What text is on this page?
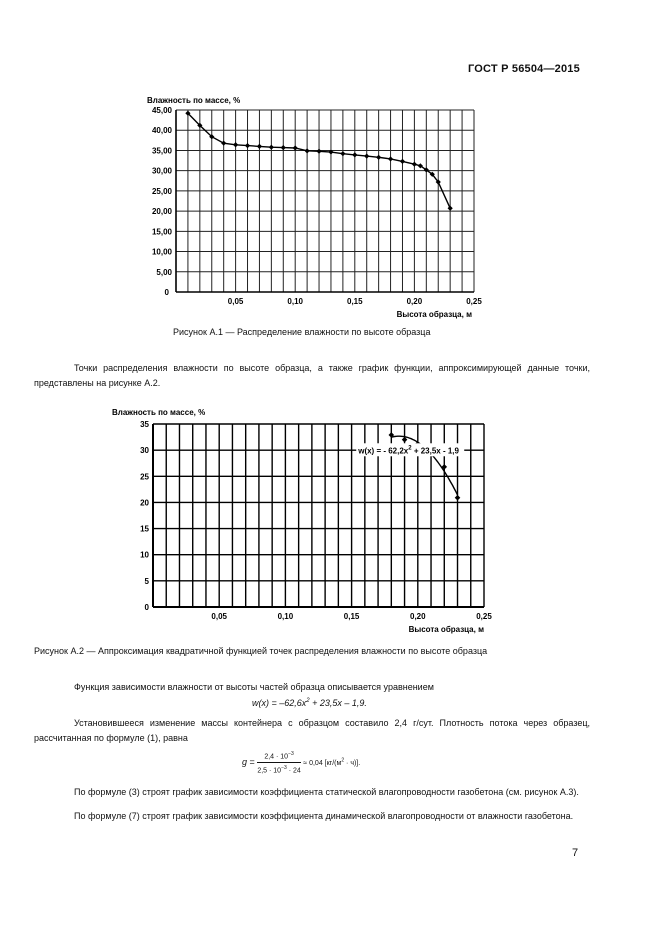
ГОСТ Р 56504—2015
5,00
10,00
15,00
20,00
25,00
30,00
35,00
40,00
45,00
0
0,05	0,10	0,15	0,20	0,25
Влажность по массе, %
Высота образца, м
Рисунок А.1 — Распределение влажности по высоте образца
Точки распределения влажности по высоте образца, а также график функции, аппроксимирующей данные точки, представлены на рисунке А.2.
5
10
15
20
25
30
35
0
0,05	0,10	0,15	0,20	0,25
Влажность по массе, %
Высота образца, м
w(x) = - $62,2x^2 + 23,5x - 1,9$
Рисунок А.2 — Аппроксимация квадратичной функцией точек распределения влажности по высоте образца
Функция зависимости влажности от высоты частей образца описывается уравнением
$w(x) = -62,6x^2 + 23,5x - 1,9$.
Установившееся изменение массы контейнера с образцом составило 2,4 г/сут. Плотность потока через образец, рассчитанная по формуле (1), равна
$g = \frac{2,4 \cdot 10^{-3}}{2,5 \cdot 10^{-3} \cdot 24} \approx 0,04$ $[кг/(м^2 \cdot ч)]$.
По формуле (3) строят график зависимости коэффициента статической влагопроводности газобетона (см. рисунок А.3).
По формуле (7) строят график зависимости коэффициента динамической влагопроводности от влажности газобетона.
7
